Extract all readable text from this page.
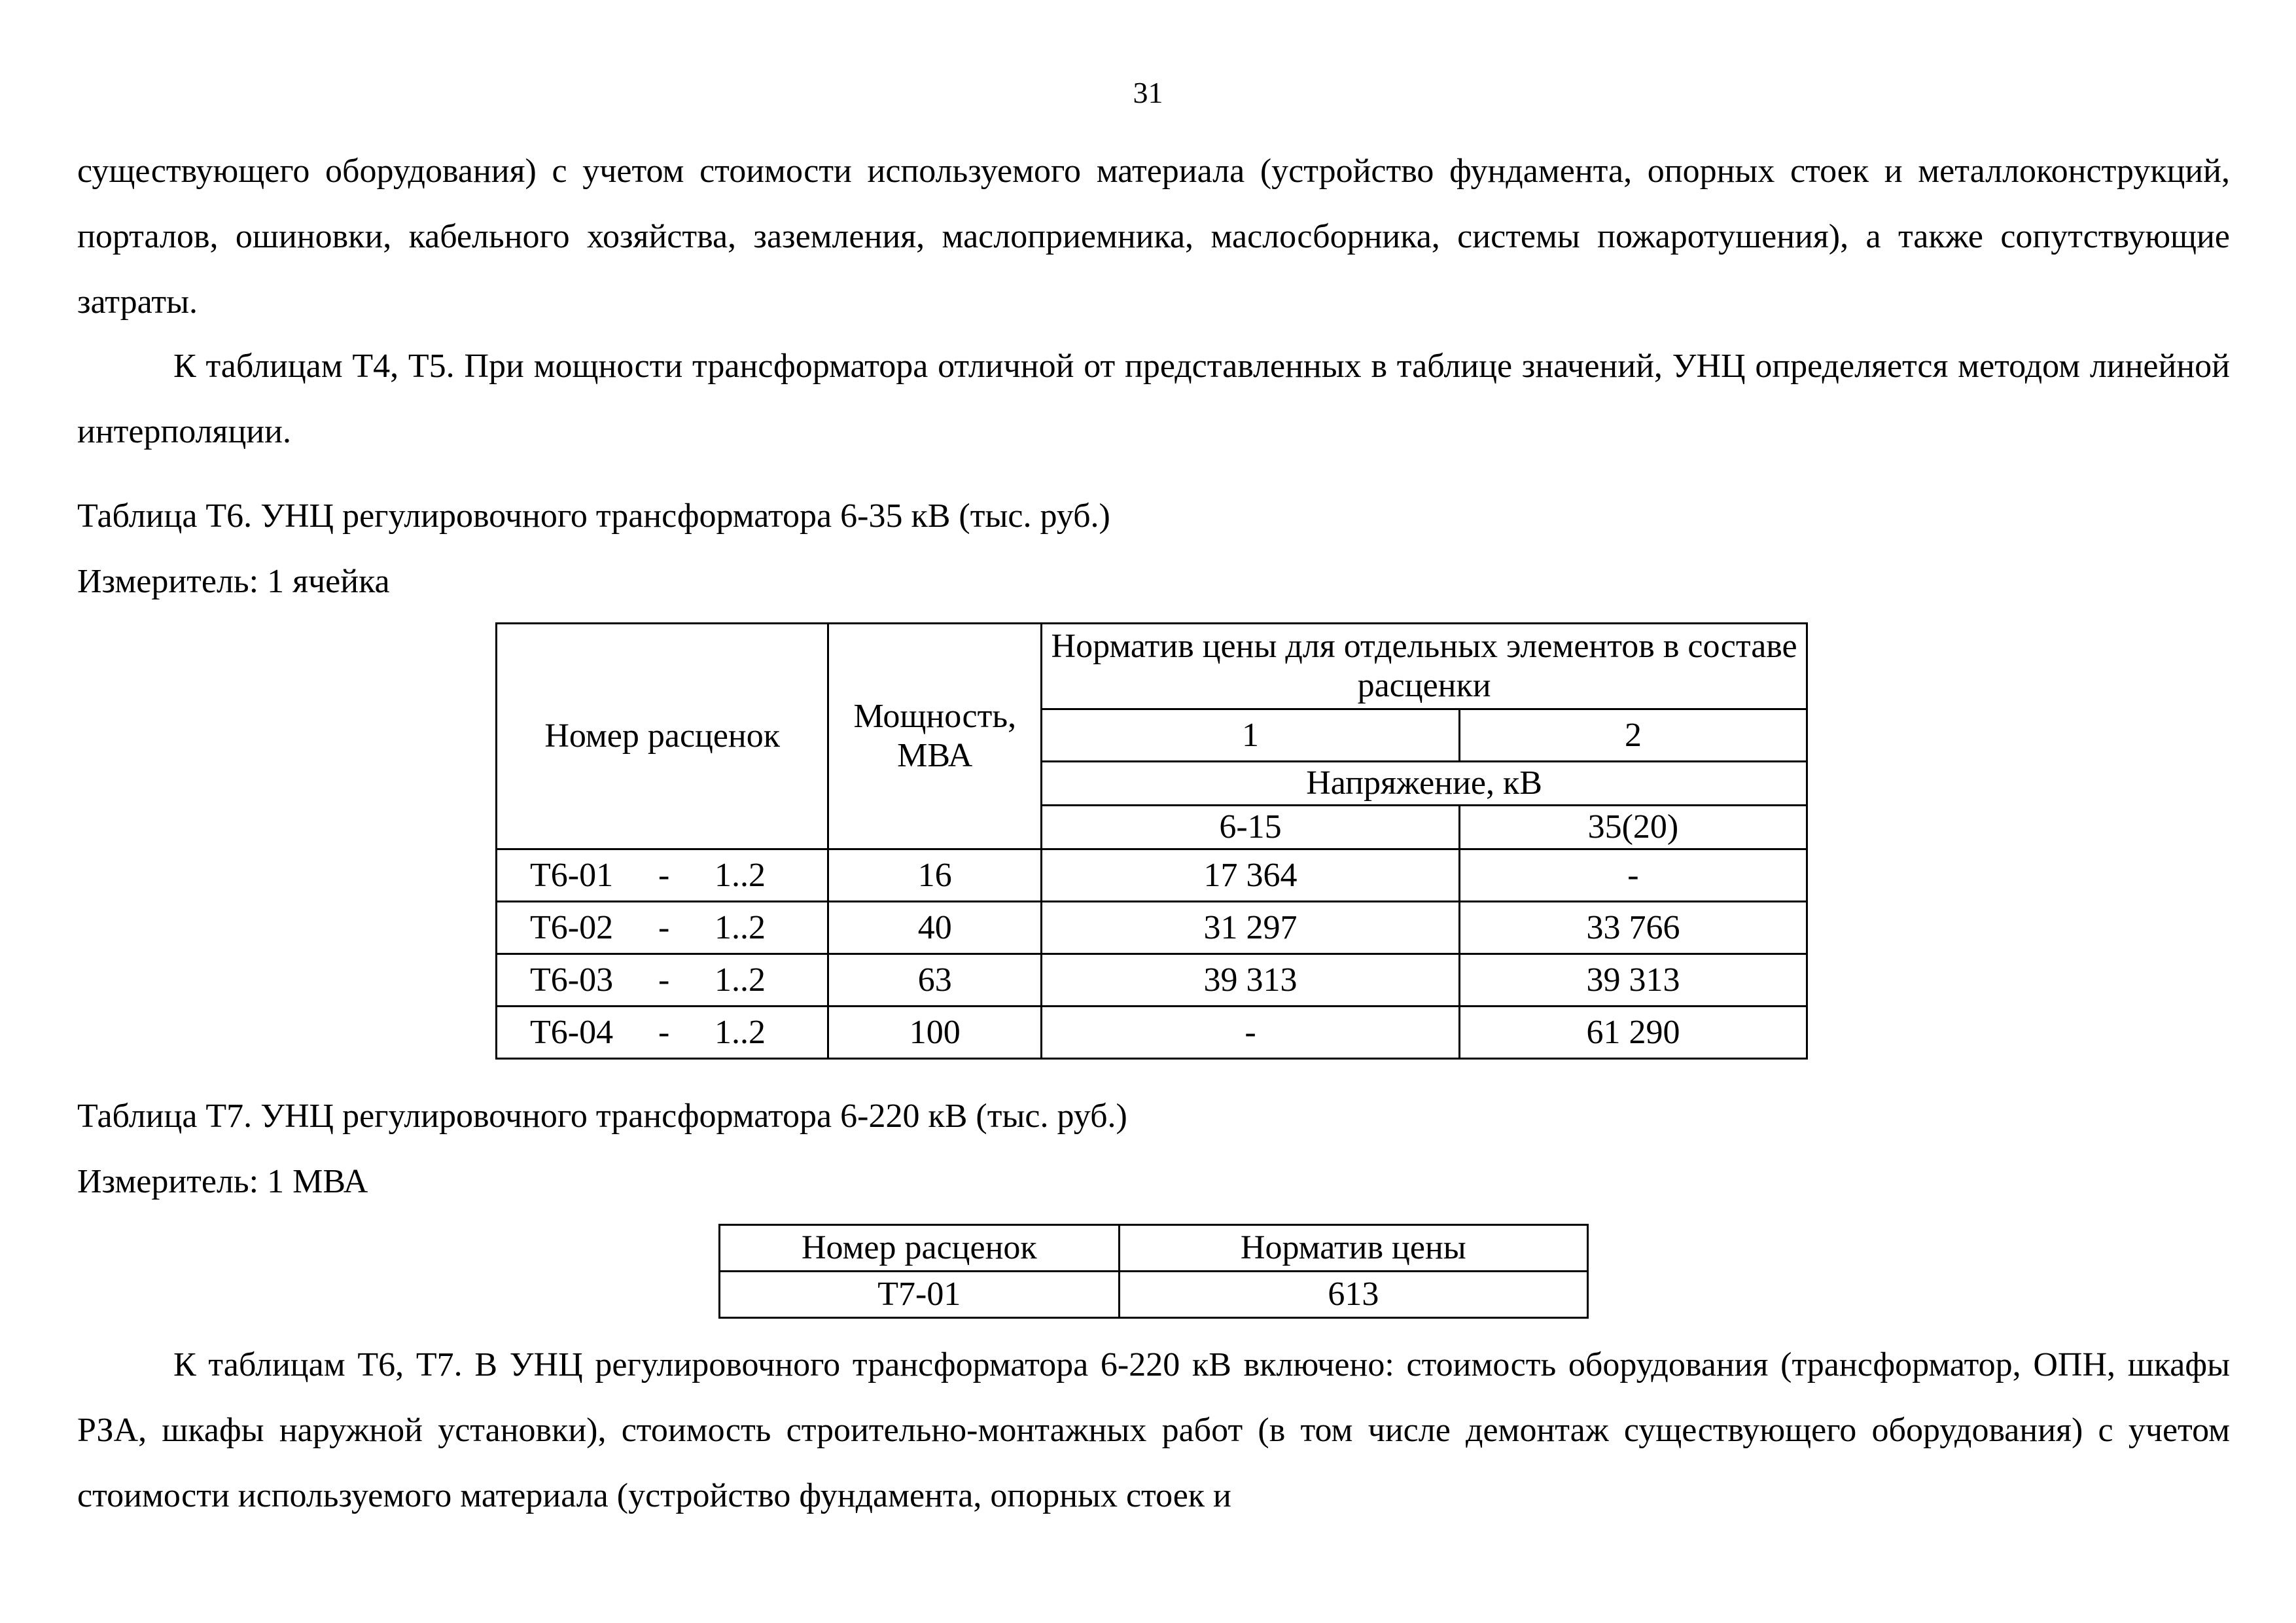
31

существующего оборудования) с учетом стоимости используемого материала (устройство фундамента, опорных стоек и металлоконструкций, порталов, ошиновки, кабельного хозяйства, заземления, маслоприемника, маслосборника, системы пожаротушения), а также сопутствующие затраты.

К таблицам Т4, Т5. При мощности трансформатора отличной от представленных в таблице значений, УНЦ определяется методом линейной интерполяции.

Таблица Т6. УНЦ регулировочного трансформатора 6-35 кВ (тыс. руб.)

Измеритель: 1 ячейка

Номер расценок	Мощность, МВА	Норматив цены для отдельных элементов в составе расценки	
		1	2
		Напряжение, кВ	
		6-15	35(20)
Т6-01 - 1..2	16	17 364	-
Т6-02 - 1..2	40	31 297	33 766
Т6-03 - 1..2	63	39 313	39 313
Т6-04 - 1..2	100	-	61 290

Таблица Т7. УНЦ регулировочного трансформатора 6-220 кВ (тыс. руб.)

Измеритель: 1 МВА

Номер расценок	Норматив цены
Т7-01	613

К таблицам Т6, Т7. В УНЦ регулировочного трансформатора 6-220 кВ включено: стоимость оборудования (трансформатор, ОПН, шкафы РЗА, шкафы наружной установки), стоимость строительно-монтажных работ (в том числе демонтаж существующего оборудования) с учетом стоимости используемого материала (устройство фундамента, опорных стоек и
